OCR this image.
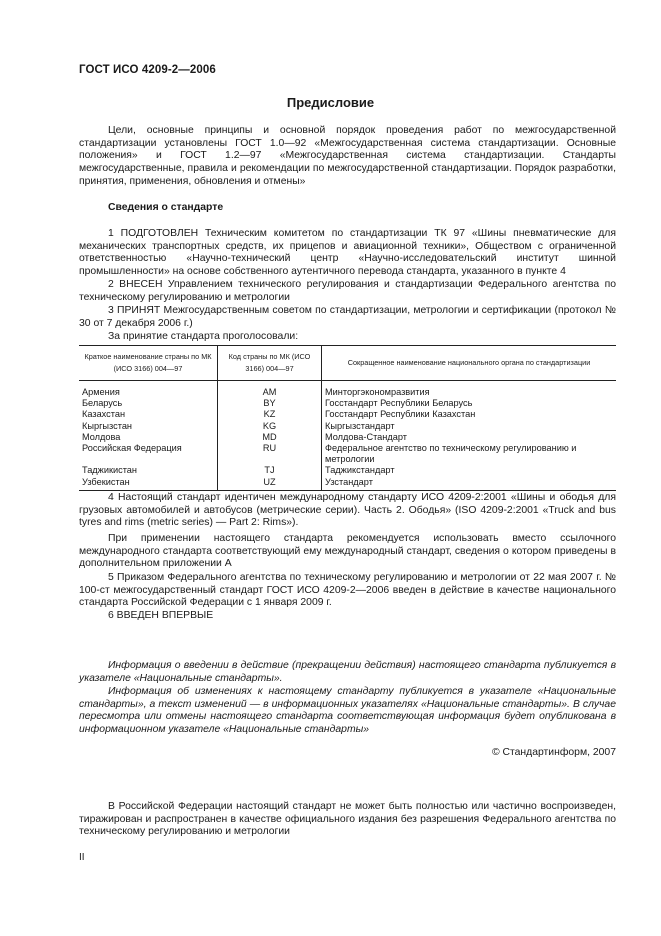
ГОСТ ИСО 4209-2—2006
Предисловие
Цели, основные принципы и основной порядок проведения работ по межгосударственной стандартизации установлены ГОСТ 1.0—92 «Межгосударственная система стандартизации. Основные положения» и ГОСТ 1.2—97 «Межгосударственная система стандартизации. Стандарты межгосударственные, правила и рекомендации по межгосударственной стандартизации. Порядок разработки, принятия, применения, обновления и отмены»
Сведения о стандарте
1 ПОДГОТОВЛЕН Техническим комитетом по стандартизации ТК 97 «Шины пневматические для механических транспортных средств, их прицепов и авиационной техники», Обществом с ограниченной ответственностью «Научно-технический центр «Научно-исследовательский институт шинной промышленности» на основе собственного аутентичного перевода стандарта, указанного в пункте 4
2 ВНЕСЕН Управлением технического регулирования и стандартизации Федерального агентства по техническому регулированию и метрологии
3 ПРИНЯТ Межгосударственным советом по стандартизации, метрологии и сертификации (протокол № 30 от 7 декабря 2006 г.)
За принятие стандарта проголосовали:
Краткое наименование страны по МК (ИСО 3166) 004—97	Код страны по МК (ИСО 3166) 004—97	Сокращенное наименование национального органа по стандартизации
Армения	AM	Минторгэкономразвития
Беларусь	BY	Госстандарт Республики Беларусь
Казахстан	KZ	Госстандарт Республики Казахстан
Кыргызстан	KG	Кыргызстандарт
Молдова	MD	Молдова-Стандарт
Российская Федерация	RU	Федеральное агентство по техническому регулированию и метрологии
Таджикистан	TJ	Таджикстандарт
Узбекистан	UZ	Узстандарт
4 Настоящий стандарт идентичен международному стандарту ИСО 4209-2:2001 «Шины и ободья для грузовых автомобилей и автобусов (метрические серии). Часть 2. Ободья» (ISO 4209-2:2001 «Truck and bus tyres and rims (metric series) — Part 2: Rims»).
При применении настоящего стандарта рекомендуется использовать вместо ссылочного международного стандарта соответствующий ему международный стандарт, сведения о котором приведены в дополнительном приложении А
5 Приказом Федерального агентства по техническому регулированию и метрологии от 22 мая 2007 г. № 100-ст межгосударственный стандарт ГОСТ ИСО 4209-2—2006 введен в действие в качестве национального стандарта Российской Федерации с 1 января 2009 г.
6 ВВЕДЕН ВПЕРВЫЕ
Информация о введении в действие (прекращении действия) настоящего стандарта публикуется в указателе «Национальные стандарты».
Информация об изменениях к настоящему стандарту публикуется в указателе «Национальные стандарты», а текст изменений — в информационных указателях «Национальные стандарты». В случае пересмотра или отмены настоящего стандарта соответствующая информация будет опубликована в информационном указателе «Национальные стандарты»
© Стандартинформ, 2007
В Российской Федерации настоящий стандарт не может быть полностью или частично воспроизведен, тиражирован и распространен в качестве официального издания без разрешения Федерального агентства по техническому регулированию и метрологии
II
